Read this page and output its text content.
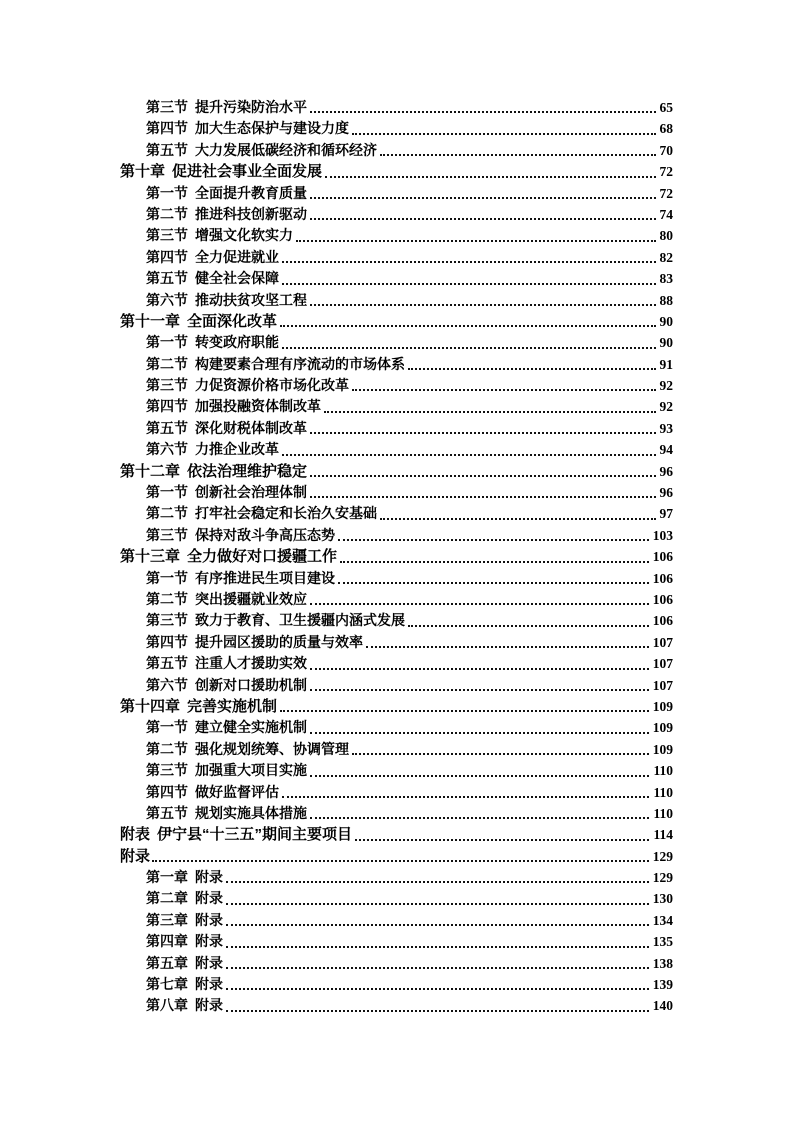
第三节 提升污染防治水平	65
第四节 加大生态保护与建设力度	68
第五节 大力发展低碳经济和循环经济	70
第十章 促进社会事业全面发展	72
第一节 全面提升教育质量	72
第二节 推进科技创新驱动	74
第三节 增强文化软实力	80
第四节 全力促进就业	82
第五节 健全社会保障	83
第六节 推动扶贫攻坚工程	88
第十一章 全面深化改革	90
第一节 转变政府职能	90
第二节 构建要素合理有序流动的市场体系	91
第三节 力促资源价格市场化改革	92
第四节 加强投融资体制改革	92
第五节 深化财税体制改革	93
第六节 力推企业改革	94
第十二章 依法治理维护稳定	96
第一节 创新社会治理体制	96
第二节 打牢社会稳定和长治久安基础	97
第三节 保持对敌斗争高压态势	103
第十三章 全力做好对口援疆工作	106
第一节 有序推进民生项目建设	106
第二节 突出援疆就业效应	106
第三节 致力于教育、卫生援疆内涵式发展	106
第四节 提升园区援助的质量与效率	107
第五节 注重人才援助实效	107
第六节 创新对口援助机制	107
第十四章 完善实施机制	109
第一节 建立健全实施机制	109
第二节 强化规划统筹、协调管理	109
第三节 加强重大项目实施	110
第四节 做好监督评估	110
第五节 规划实施具体措施	110
附表 伊宁县“十三五”期间主要项目	114
附录	129
第一章 附录	129
第二章 附录	130
第三章 附录	134
第四章 附录	135
第五章 附录	138
第七章 附录	139
第八章 附录	140
